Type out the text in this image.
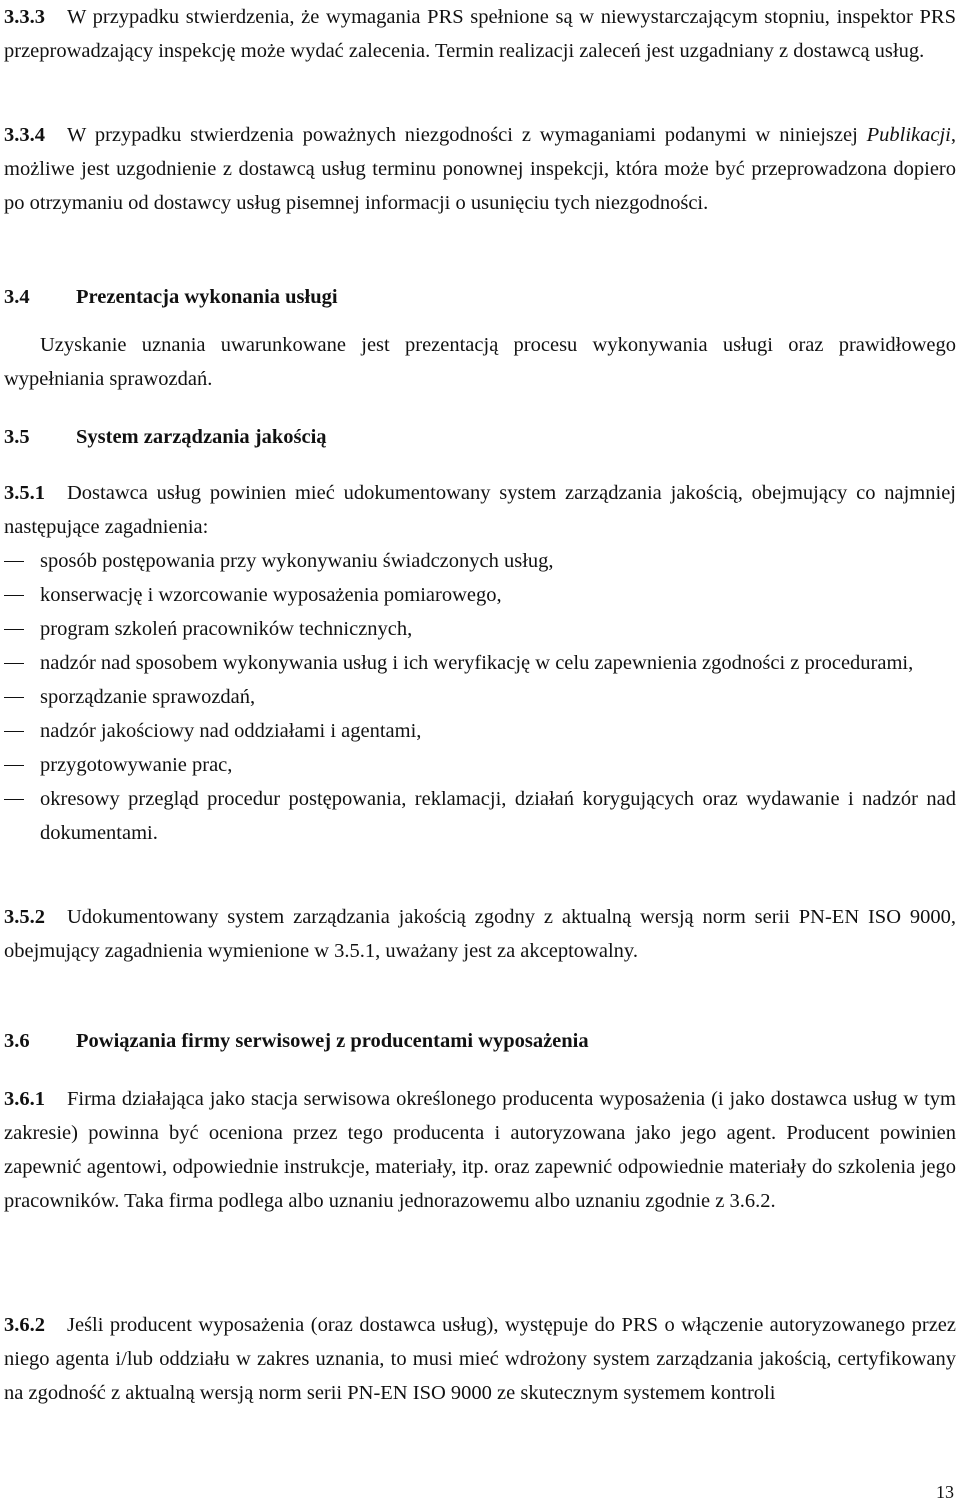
3.3.3 W przypadku stwierdzenia, że wymagania PRS spełnione są w niewystarczającym stopniu, inspektor PRS przeprowadzający inspekcję może wydać zalecenia. Termin realizacji zaleceń jest uzgadniany z dostawcą usług.

3.3.4 W przypadku stwierdzenia poważnych niezgodności z wymaganiami podanymi w niniejszej Publikacji, możliwe jest uzgodnienie z dostawcą usług terminu ponownej inspekcji, która może być przeprowadzona dopiero po otrzymaniu od dostawcy usług pisemnej informacji o usunięciu tych niezgodności.

3.4	Prezentacja wykonania usługi

Uzyskanie uznania uwarunkowane jest prezentacją procesu wykonywania usługi oraz prawidłowego wypełniania sprawozdań.

3.5	System zarządzania jakością

3.5.1 Dostawca usług powinien mieć udokumentowany system zarządzania jakością, obejmujący co najmniej następujące zagadnienia:

sposób postępowania przy wykonywaniu świadczonych usług,
konserwację i wzorcowanie wyposażenia pomiarowego,
program szkoleń pracowników technicznych,
nadzór nad sposobem wykonywania usług i ich weryfikację w celu zapewnienia zgodności z procedurami,
sporządzanie sprawozdań,
nadzór jakościowy nad oddziałami i agentami,
przygotowywanie prac,
okresowy przegląd procedur postępowania, reklamacji, działań korygujących oraz wydawanie i nadzór nad dokumentami.

3.5.2 Udokumentowany system zarządzania jakością zgodny z aktualną wersją norm serii PN-EN ISO 9000, obejmujący zagadnienia wymienione w 3.5.1, uważany jest za akceptowalny.

3.6	Powiązania firmy serwisowej z producentami wyposażenia

3.6.1 Firma działająca jako stacja serwisowa określonego producenta wyposażenia (i jako dostawca usług w tym zakresie) powinna być oceniona przez tego producenta i autoryzowana jako jego agent. Producent powinien zapewnić agentowi, odpowiednie instrukcje, materiały, itp. oraz zapewnić odpowiednie materiały do szkolenia jego pracowników. Taka firma podlega albo uznaniu jednorazowemu albo uznaniu zgodnie z 3.6.2.

3.6.2 Jeśli producent wyposażenia (oraz dostawca usług), występuje do PRS o włączenie autoryzowanego przez niego agenta i/lub oddziału w zakres uznania, to musi mieć wdrożony system zarządzania jakością, certyfikowany na zgodność z aktualną wersją norm serii PN-EN ISO 9000 ze skutecznym systemem kontroli

13
